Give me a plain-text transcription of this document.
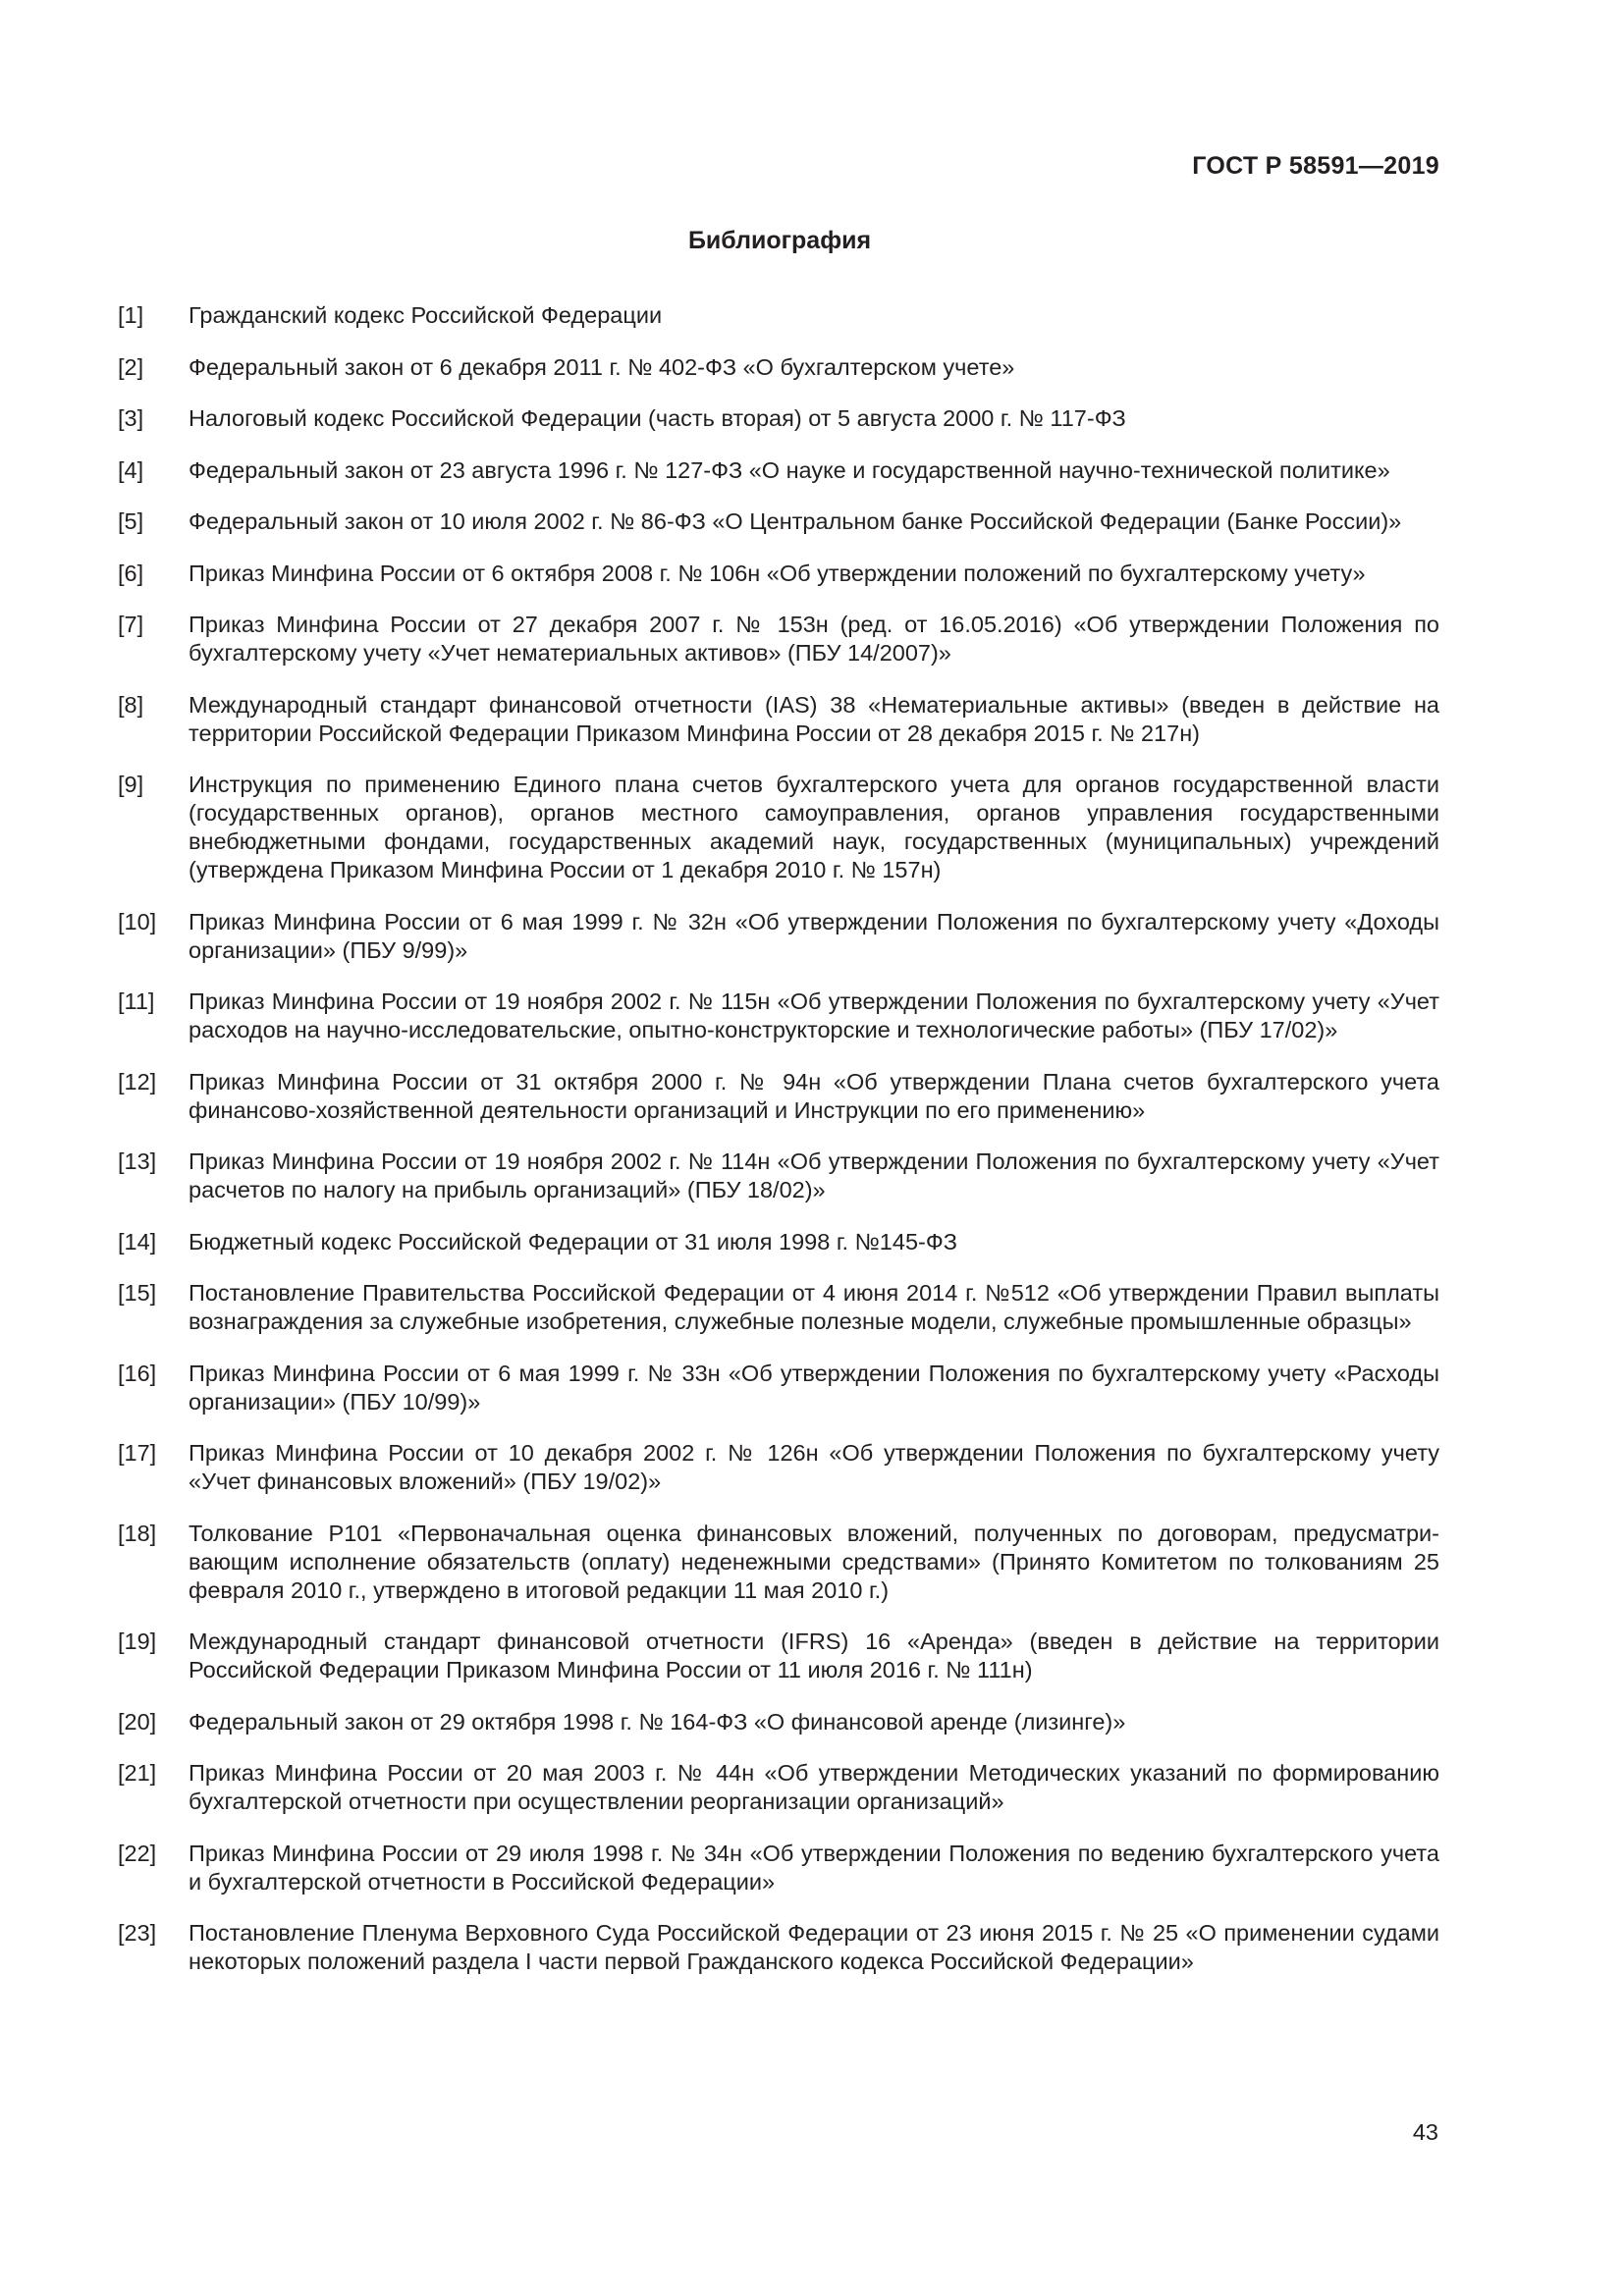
ГОСТ Р 58591—2019
Библиография
[1]	Гражданский кодекс Российской Федерации
[2]	Федеральный закон от 6 декабря 2011 г. № 402-ФЗ «О бухгалтерском учете»
[3]	Налоговый кодекс Российской Федерации (часть вторая) от 5 августа 2000 г. № 117-ФЗ
[4]	Федеральный закон от 23 августа 1996 г. № 127-ФЗ «О науке и государственной научно-технической политике»
[5]	Федеральный закон от 10 июля 2002 г. № 86-ФЗ «О Центральном банке Российской Федерации (Банке России)»
[6]	Приказ Минфина России от 6 октября 2008 г. № 106н «Об утверждении положений по бухгалтерскому учету»
[7]	Приказ Минфина России от 27 декабря 2007 г. № 153н (ред. от 16.05.2016) «Об утверждении Положения по бухгалтерскому учету «Учет нематериальных активов» (ПБУ 14/2007)»
[8]	Международный стандарт финансовой отчетности (IAS) 38 «Нематериальные активы» (введен в действие на территории Российской Федерации Приказом Минфина России от 28 декабря 2015 г. № 217н)
[9]	Инструкция по применению Единого плана счетов бухгалтерского учета для органов государственной власти (государственных органов), органов местного самоуправления, органов управления государственными внебюджетными фондами, государственных академий наук, государственных (муниципальных) учреждений (утверждена Приказом Минфина России от 1 декабря 2010 г. № 157н)
[10]	Приказ Минфина России от 6 мая 1999 г. № 32н «Об утверждении Положения по бухгалтерскому учету «Доходы организации» (ПБУ 9/99)»
[11]	Приказ Минфина России от 19 ноября 2002 г. № 115н «Об утверждении Положения по бухгалтерскому учету «Учет расходов на научно-исследовательские, опытно-конструкторские и технологические работы» (ПБУ 17/02)»
[12]	Приказ Минфина России от 31 октября 2000 г. № 94н «Об утверждении Плана счетов бухгалтерского учета финансово-хозяйственной деятельности организаций и Инструкции по его применению»
[13]	Приказ Минфина России от 19 ноября 2002 г. № 114н «Об утверждении Положения по бухгалтерскому учету «Учет расчетов по налогу на прибыль организаций» (ПБУ 18/02)»
[14]	Бюджетный кодекс Российской Федерации от 31 июля 1998 г. №145-ФЗ
[15]	Постановление Правительства Российской Федерации от 4 июня 2014 г. №512 «Об утверждении Правил выплаты вознаграждения за служебные изобретения, служебные полезные модели, служебные промышленные образцы»
[16]	Приказ Минфина России от 6 мая 1999 г. № 33н «Об утверждении Положения по бухгалтерскому учету «Расходы организации» (ПБУ 10/99)»
[17]	Приказ Минфина России от 10 декабря 2002 г. № 126н «Об утверждении Положения по бухгалтерскому учету «Учет финансовых вложений» (ПБУ 19/02)»
[18]	Толкование Р101 «Первоначальная оценка финансовых вложений, полученных по договорам, предусматривающим исполнение обязательств (оплату) неденежными средствами» (Принято Комитетом по толкованиям 25 февраля 2010 г., утверждено в итоговой редакции 11 мая 2010 г.)
[19]	Международный стандарт финансовой отчетности (IFRS) 16 «Аренда» (введен в действие на территории Российской Федерации Приказом Минфина России от 11 июля 2016 г. № 111н)
[20]	Федеральный закон от 29 октября 1998 г. № 164-ФЗ «О финансовой аренде (лизинге)»
[21]	Приказ Минфина России от 20 мая 2003 г. № 44н «Об утверждении Методических указаний по формированию бухгалтерской отчетности при осуществлении реорганизации организаций»
[22]	Приказ Минфина России от 29 июля 1998 г. № 34н «Об утверждении Положения по ведению бухгалтерского учета и бухгалтерской отчетности в Российской Федерации»
[23]	Постановление Пленума Верховного Суда Российской Федерации от 23 июня 2015 г. № 25 «О применении судами некоторых положений раздела I части первой Гражданского кодекса Российской Федерации»
43
